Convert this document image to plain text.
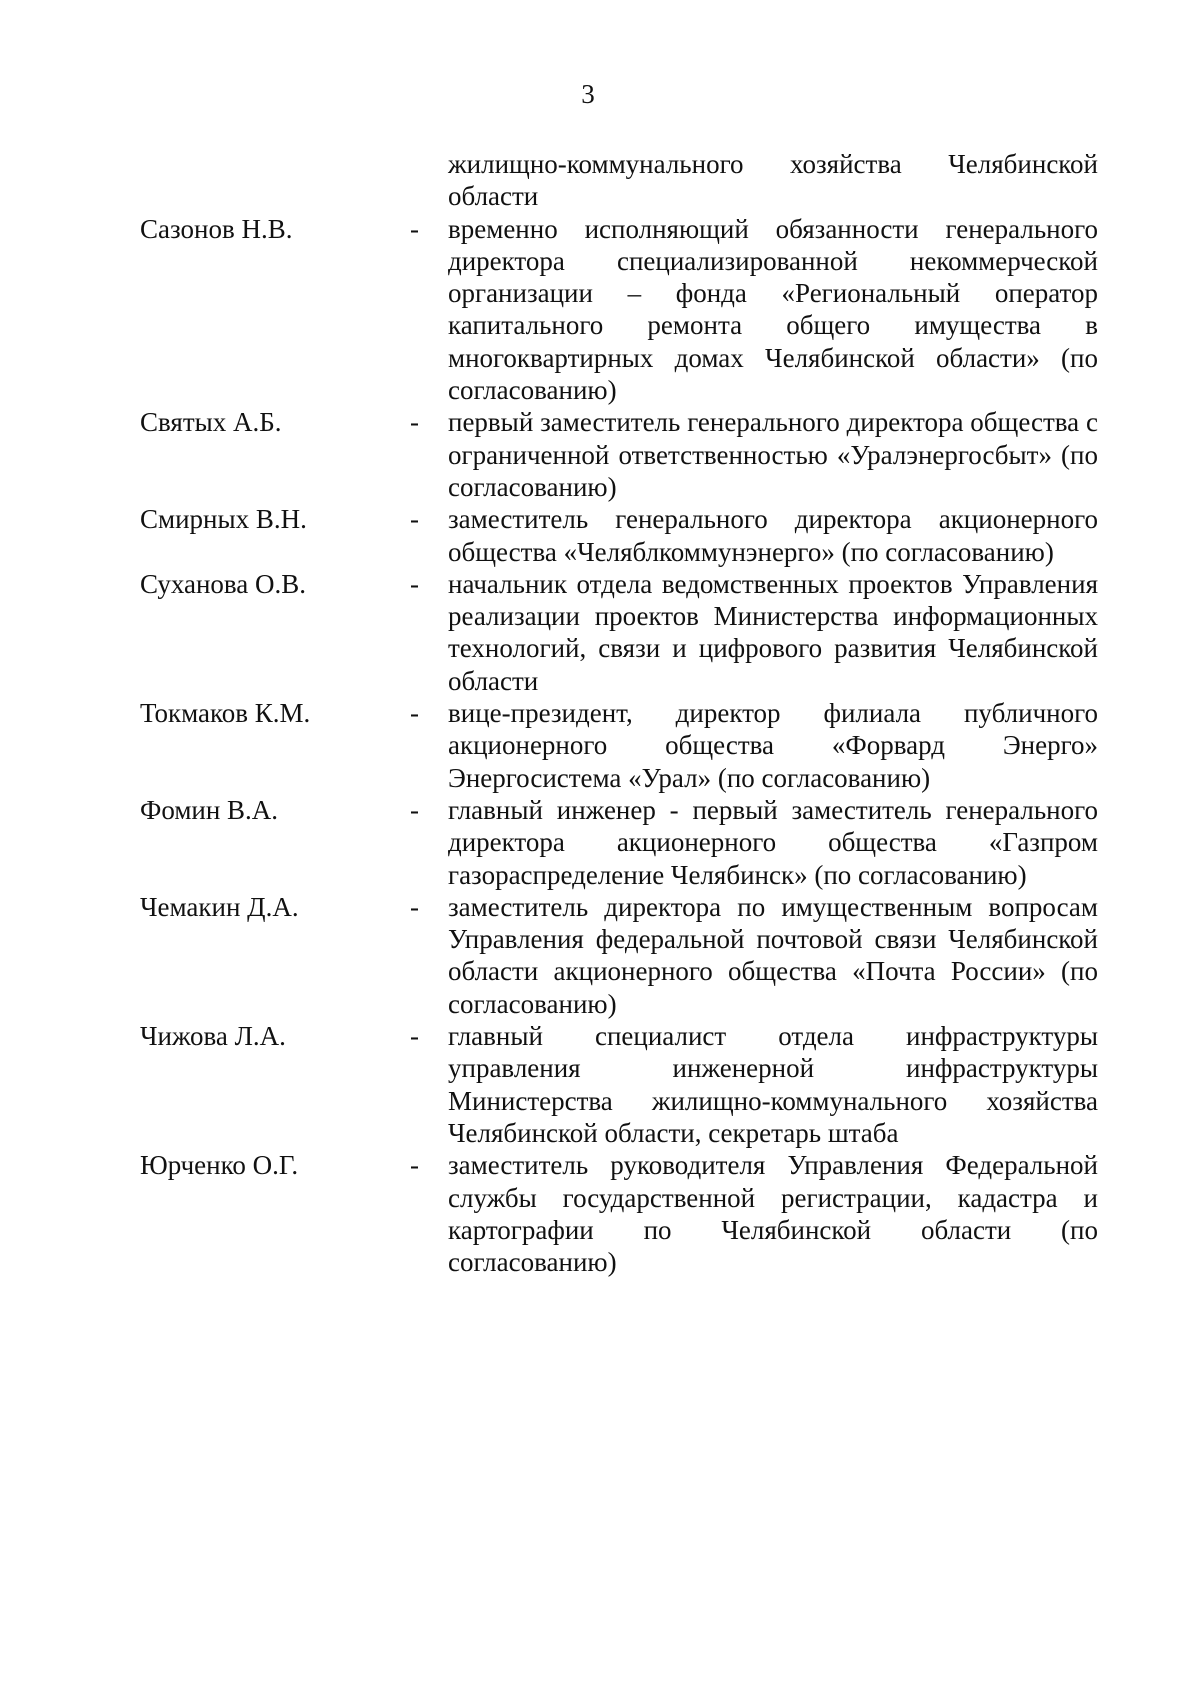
3
жилищно-коммунального хозяйства Челябинской области
Сазонов Н.В.	-	временно исполняющий обязанности генерального директора специализированной некоммерческой организации – фонда «Региональный оператор капитального ремонта общего имущества в многоквартирных домах Челябинской области» (по согласованию)
Святых А.Б.	-	первый заместитель генерального директора общества с ограниченной ответственностью «Уралэнергосбыт» (по согласованию)
Смирных В.Н.	-	заместитель генерального директора акционерного общества «Челяблкоммунэнерго» (по согласованию)
Суханова О.В.	-	начальник отдела ведомственных проектов Управления реализации проектов Министерства информационных технологий, связи и цифрового развития Челябинской области
Токмаков К.М.	-	вице-президент, директор филиала публичного акционерного общества «Форвард Энерго» Энергосистема «Урал» (по согласованию)
Фомин В.А.	-	главный инженер - первый заместитель генерального директора акционерного общества «Газпром газораспределение Челябинск» (по согласованию)
Чемакин Д.А.	-	заместитель директора по имущественным вопросам Управления федеральной почтовой связи Челябинской области акционерного общества «Почта России» (по согласованию)
Чижова Л.А.	-	главный специалист отдела инфраструктуры управления инженерной инфраструктуры Министерства жилищно-коммунального хозяйства Челябинской области, секретарь штаба
Юрченко О.Г.	-	заместитель руководителя Управления Федеральной службы государственной регистрации, кадастра и картографии по Челябинской области (по согласованию)
